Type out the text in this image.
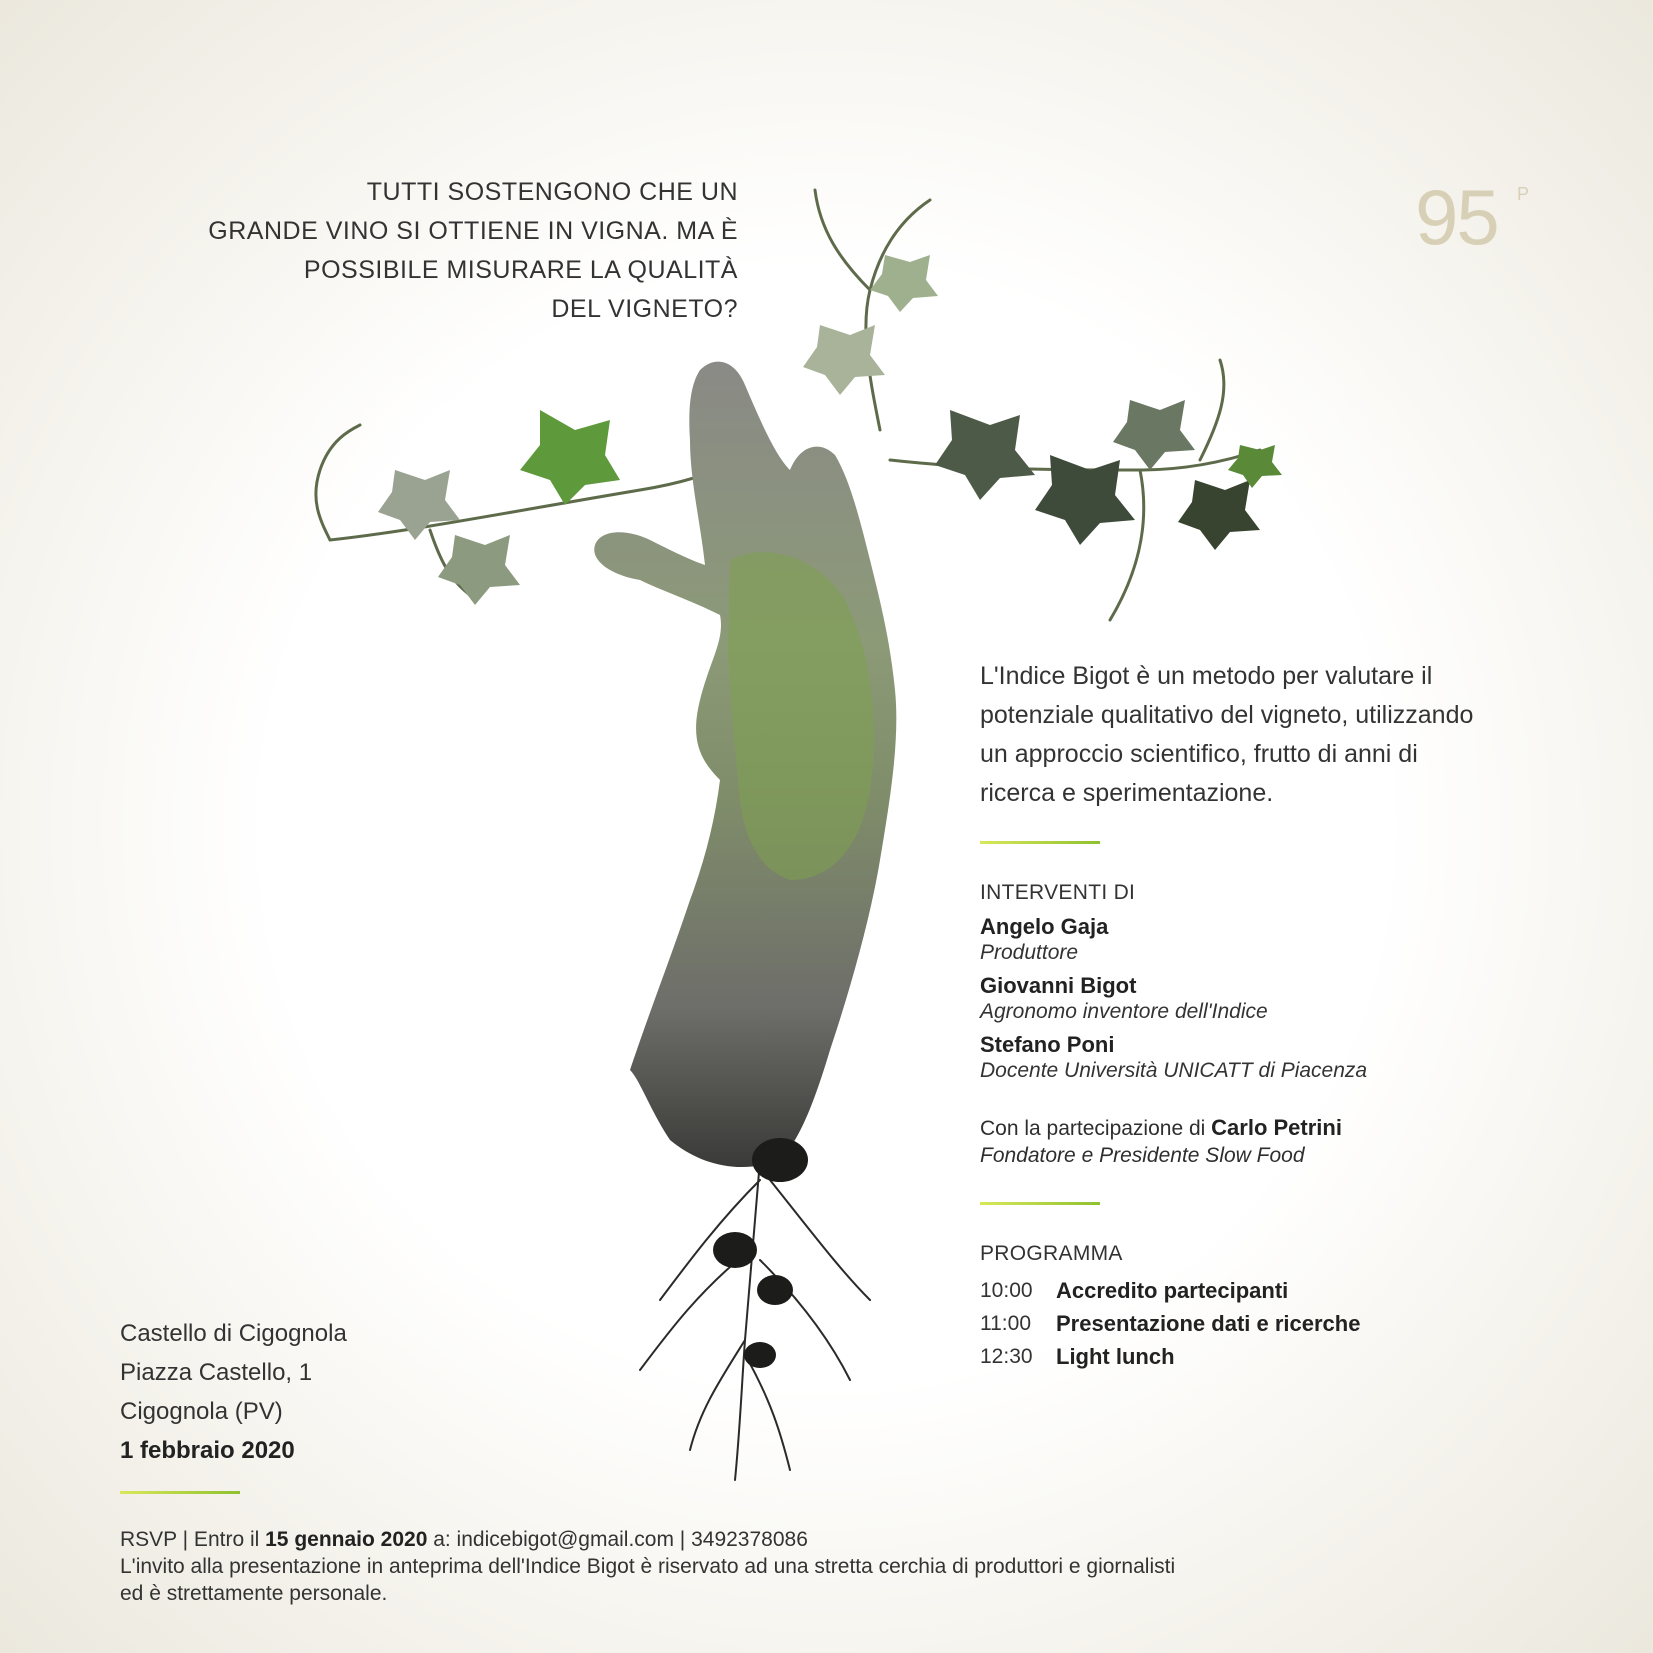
TUTTI SOSTENGONO CHE UN
GRANDE VINO SI OTTIENE IN VIGNA. MA È
POSSIBILE MISURARE LA QUALITÀ
DEL VIGNETO?
95 P
L'Indice Bigot è un metodo per valutare il
potenziale qualitativo del vigneto, utilizzando
un approccio scientifico, frutto di anni di
ricerca e sperimentazione.
INTERVENTI DI
Angelo Gaja
Produttore
Giovanni Bigot
Agronomo inventore dell'Indice
Stefano Poni
Docente Università UNICATT di Piacenza
Con la partecipazione di Carlo Petrini
Fondatore e Presidente Slow Food
PROGRAMMA
10:00	Accredito partecipanti
11:00	Presentazione dati e ricerche
12:30	Light lunch
Castello di Cigognola
Piazza Castello, 1
Cigognola (PV)
1 febbraio 2020
RSVP | Entro il 15 gennaio 2020 a: indicebigot@gmail.com | 3492378086
L'invito alla presentazione in anteprima dell'Indice Bigot è riservato ad una stretta cerchia di produttori e giornalisti
ed è strettamente personale.
